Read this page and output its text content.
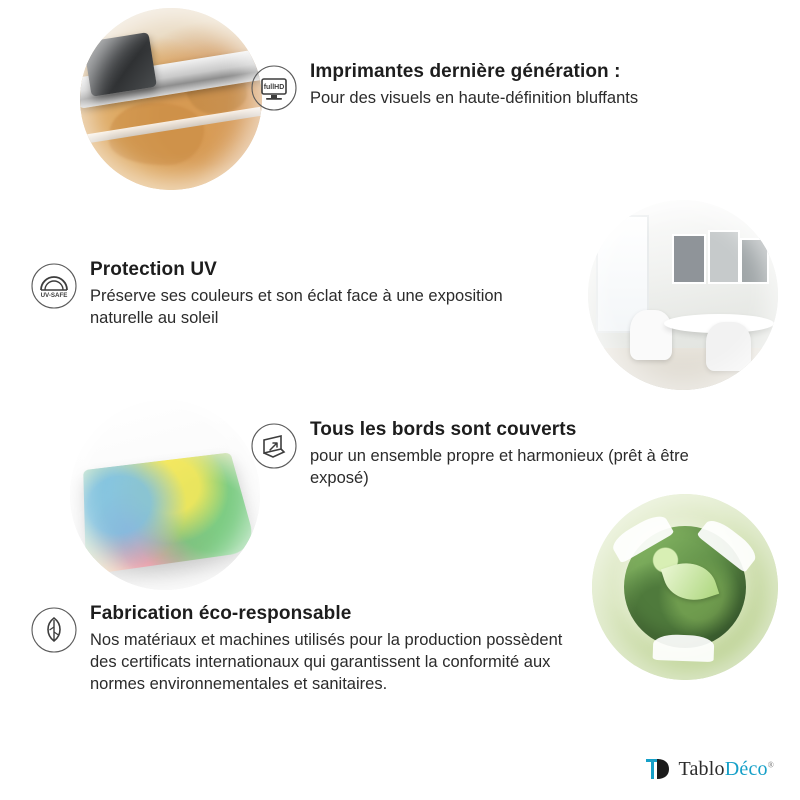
fullHD

Imprimantes dernière génération :

Pour des visuels en haute-définition bluffants

UV-SAFE

Protection UV

Préserve ses couleurs et son éclat face à une exposition naturelle au soleil

Tous les bords sont couverts

pour un ensemble propre et harmonieux (prêt à être exposé)

Fabrication éco-responsable

Nos matériaux et machines utilisés pour la production possèdent des certificats internationaux qui garantissent la conformité aux normes environnementales et sanitaires.

TabloDéco®
